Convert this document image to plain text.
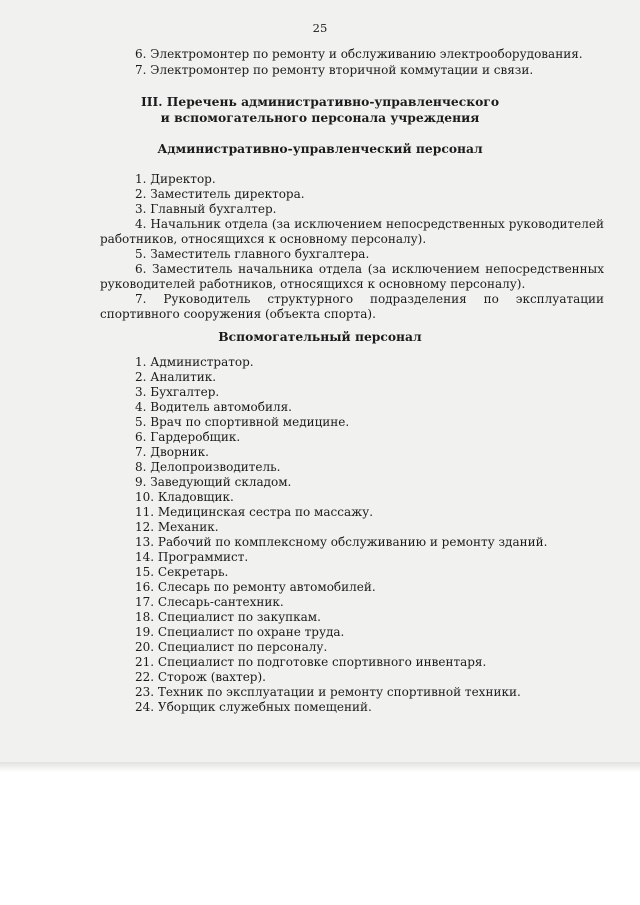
25
6. Электромонтер по ремонту и обслуживанию электрооборудования.
7. Электромонтер по ремонту вторичной коммутации и связи.
III. Перечень административно-управленческого
и вспомогательного персонала учреждения
Административно-управленческий персонал
1. Директор.
2. Заместитель директора.
3. Главный бухгалтер.
4. Начальник отдела (за исключением непосредственных руководителей
работников, относящихся к основному персоналу).
5. Заместитель главного бухгалтера.
6. Заместитель начальника отдела (за исключением непосредственных
руководителей работников, относящихся к основному персоналу).
7. Руководитель структурного подразделения по эксплуатации
спортивного сооружения (объекта спорта).
Вспомогательный персонал
1. Администратор.
2. Аналитик.
3. Бухгалтер.
4. Водитель автомобиля.
5. Врач по спортивной медицине.
6. Гардеробщик.
7. Дворник.
8. Делопроизводитель.
9. Заведующий складом.
10. Кладовщик.
11. Медицинская сестра по массажу.
12. Механик.
13. Рабочий по комплексному обслуживанию и ремонту зданий.
14. Программист.
15. Секретарь.
16. Слесарь по ремонту автомобилей.
17. Слесарь-сантехник.
18. Специалист по закупкам.
19. Специалист по охране труда.
20. Специалист по персоналу.
21. Специалист по подготовке спортивного инвентаря.
22. Сторож (вахтер).
23. Техник по эксплуатации и ремонту спортивной техники.
24. Уборщик служебных помещений.
